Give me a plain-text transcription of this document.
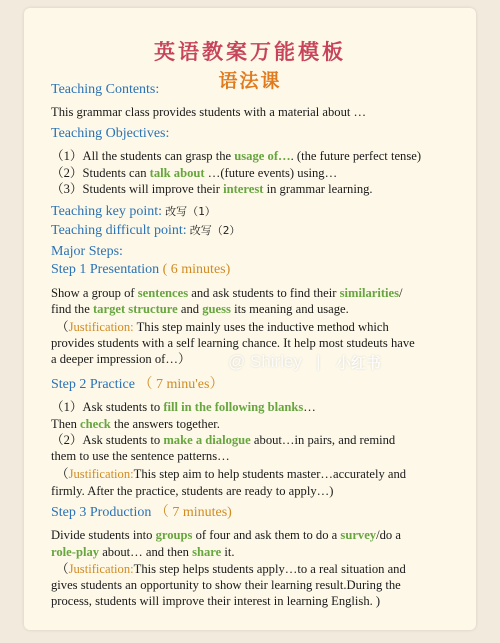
英语教案万能模板
语法课
Teaching Contents:
This grammar class provides students with a material about …
Teaching Objectives:
（1）All the students can grasp the usage of…. (the future perfect tense)
（2）Students can talk about …(future events) using…
（3）Students will improve their interest in grammar learning.
Teaching key point: 改写（1）
Teaching difficult point: 改写（2）
Major Steps:
Step 1 Presentation ( 6 minutes)
Show a group of sentences and ask students to find their similarities/
find the target structure and guess its meaning and usage.
（Justification: This step mainly uses the inductive method which
provides students with a self learning chance. It help most studeuts have
a deeper impression of…） @ Shirley | 小红书
Step 2 Practice （ 7 minu'es）
（1）Ask students to fill in the following blanks…
Then check the answers together.
（2）Ask students to make a dialogue about…in pairs, and remind
them to use the sentence patterns…
（Justification:This step aim to help students master…accurately and
firmly. After the practice, students are ready to apply…)
Step 3 Production （ 7 minutes)
Divide students into groups of four and ask them to do a survey/do a
role-play about… and then share it.
（Justification:This step helps students apply…to a real situation and
gives students an opportunity to show their learning result.During the
process, students will improve their interest in learning English. )
